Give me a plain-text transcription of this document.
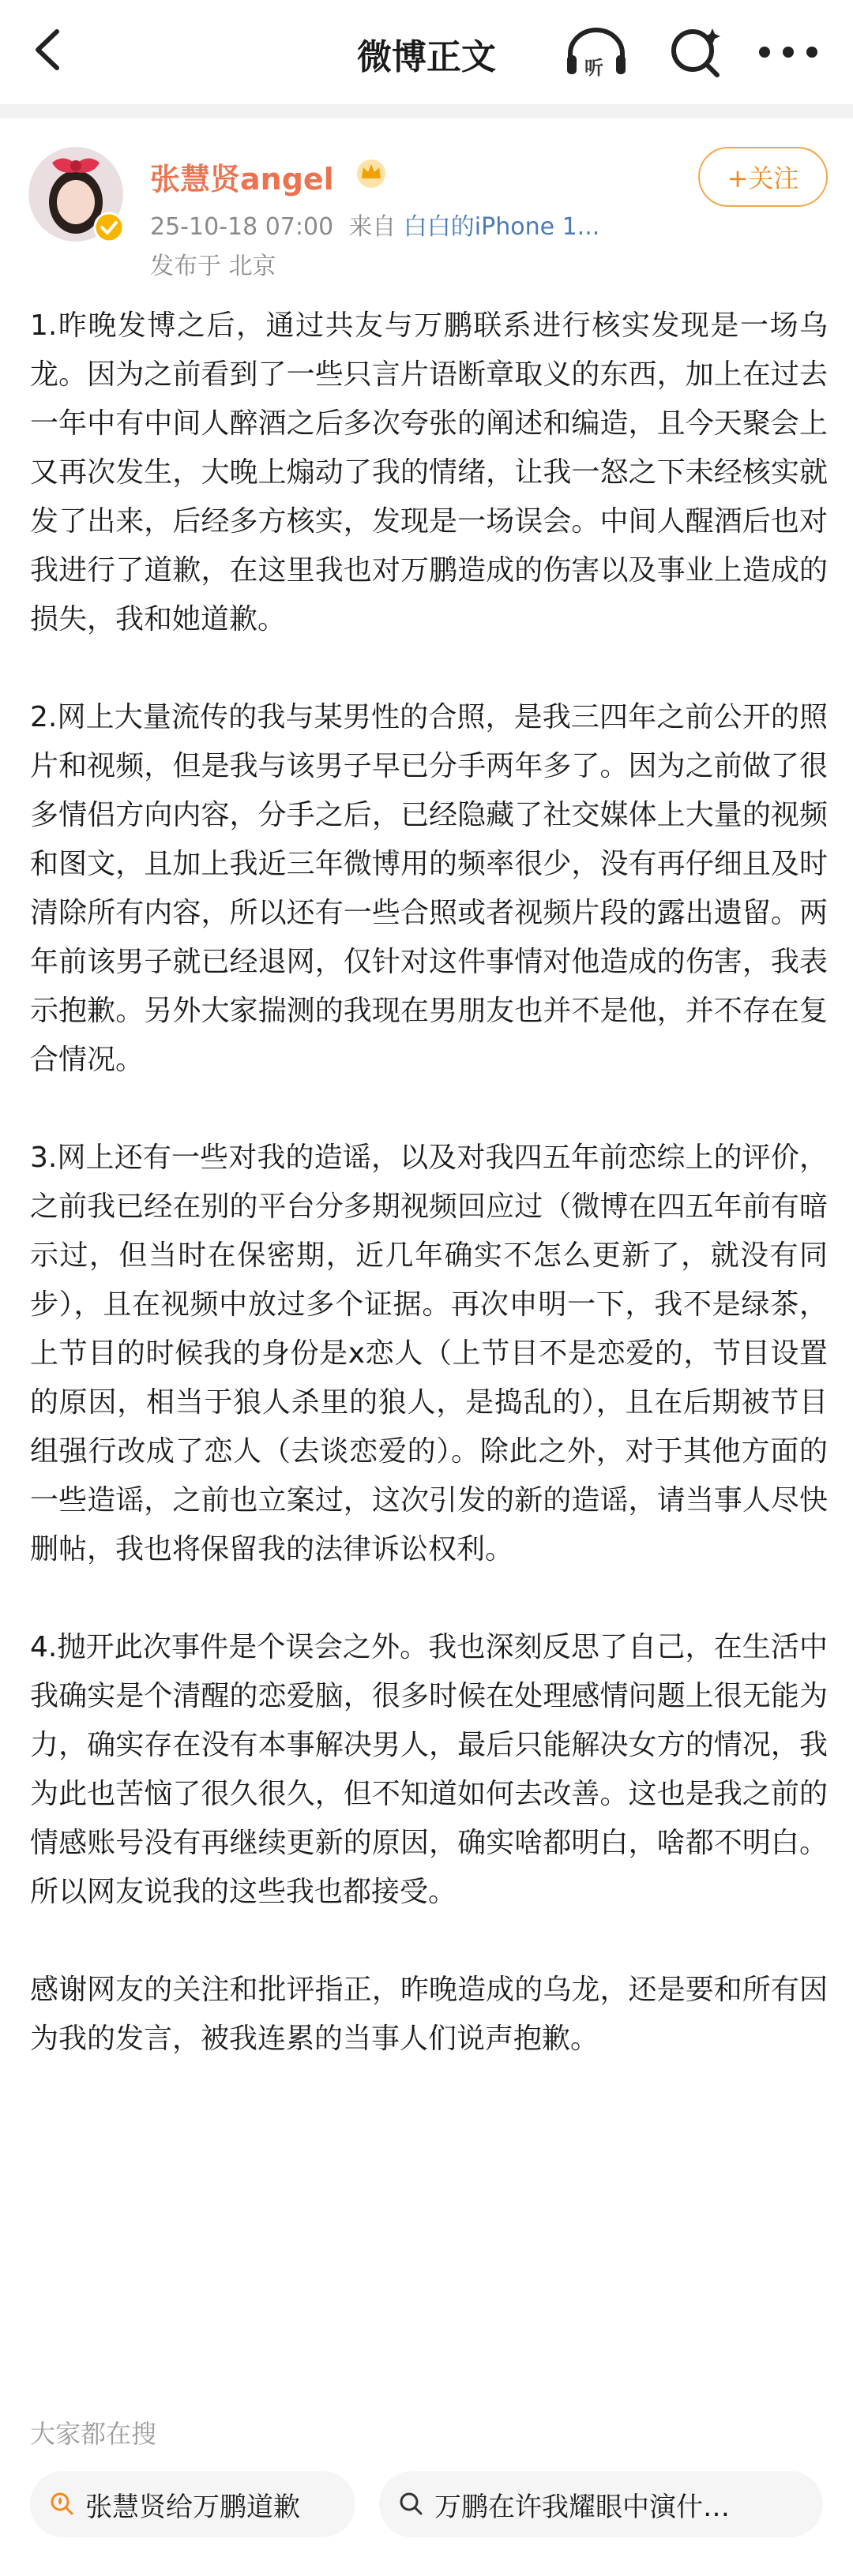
微博正文	听
张慧贤angel
25-10-18 07:00 来自 白白的iPhone 1...
发布于 北京
+关注

1.昨晚发博之后，通过共友与万鹏联系进行核实发现是一场乌龙。因为之前看到了一些只言片语断章取义的东西，加上在过去一年中有中间人醉酒之后多次夸张的阐述和编造，且今天聚会上又再次发生，大晚上煽动了我的情绪，让我一怒之下未经核实就发了出来，后经多方核实，发现是一场误会。中间人醒酒后也对我进行了道歉，在这里我也对万鹏造成的伤害以及事业上造成的损失，我和她道歉。

2.网上大量流传的我与某男性的合照，是我三四年之前公开的照片和视频，但是我与该男子早已分手两年多了。因为之前做了很多情侣方向内容，分手之后，已经隐藏了社交媒体上大量的视频和图文，且加上我近三年微博用的频率很少，没有再仔细且及时清除所有内容，所以还有一些合照或者视频片段的露出遗留。两年前该男子就已经退网，仅针对这件事情对他造成的伤害，我表示抱歉。另外大家揣测的我现在男朋友也并不是他，并不存在复合情况。

3.网上还有一些对我的造谣，以及对我四五年前恋综上的评价，之前我已经在别的平台分多期视频回应过（微博在四五年前有暗示过，但当时在保密期，近几年确实不怎么更新了，就没有同步），且在视频中放过多个证据。再次申明一下，我不是绿茶，上节目的时候我的身份是x恋人（上节目不是恋爱的，节目设置的原因，相当于狼人杀里的狼人，是捣乱的），且在后期被节目组强行改成了恋人（去谈恋爱的）。除此之外，对于其他方面的一些造谣，之前也立案过，这次引发的新的造谣，请当事人尽快删帖，我也将保留我的法律诉讼权利。

4.抛开此次事件是个误会之外。我也深刻反思了自己，在生活中我确实是个清醒的恋爱脑，很多时候在处理感情问题上很无能为力，确实存在没有本事解决男人，最后只能解决女方的情况，我为此也苦恼了很久很久，但不知道如何去改善。这也是我之前的情感账号没有再继续更新的原因，确实啥都明白，啥都不明白。所以网友说我的这些我也都接受。

感谢网友的关注和批评指正，昨晚造成的乌龙，还是要和所有因为我的发言，被我连累的当事人们说声抱歉。

大家都在搜
张慧贤给万鹏道歉	万鹏在许我耀眼中演什…
